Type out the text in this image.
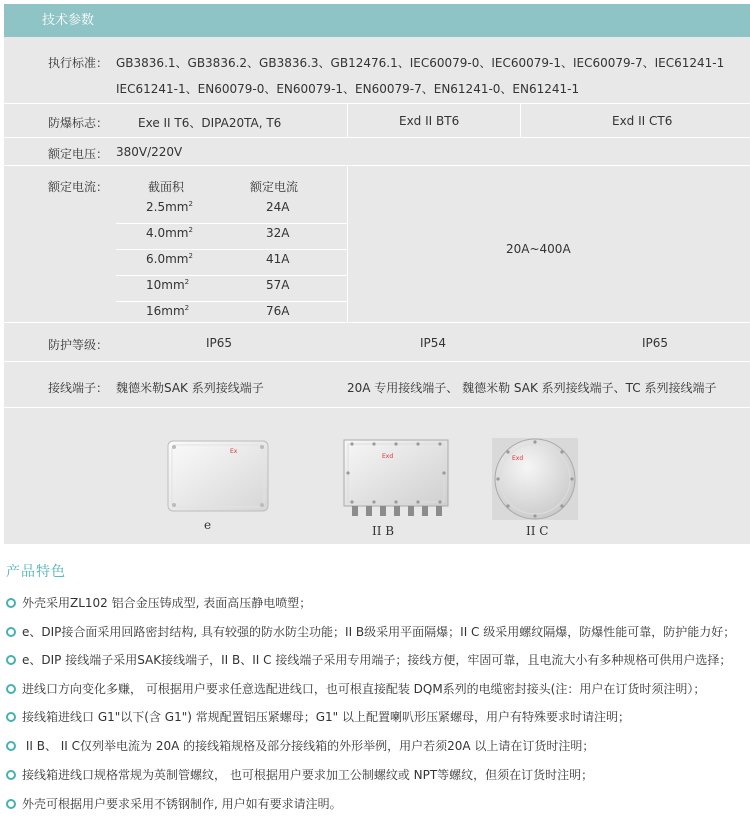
技术参数
执行标准： GB3836.1、GB3836.2、GB3836.3、GB12476.1、IEC60079-0、IEC60079-1、IEC60079-7、IEC61241-1
IEC61241-1、EN60079-0、EN60079-1、EN60079-7、EN61241-0、EN61241-1
防爆标志： Exe II T6、DIPA20TA, T6	Exd II BT6	Exd II CT6
额定电压： 380V/220V
额定电流：	截面积	额定电流
20A~400A
$2.5mm^2$	24A
$4.0mm^2$	32A
$6.0mm^2$	41A
$10mm^2$	57A
$16mm^2$	76A
防护等级：	IP65	IP54	IP65
接线端子： 魏德米勒SAK 系列接线端子	20A 专用接线端子、 魏德米勒 SAK 系列接线端子、TC 系列接线端子
Ex
e
Exd
II B
Exd
II C
产品特色
外壳采用ZL102 铝合金压铸成型, 表面高压静电喷塑；
e、DIP接合面采用回路密封结构, 具有较强的防水防尘功能；II B级采用平面隔爆；II C 级采用螺纹隔爆，防爆性能可靠，防护能力好；
e、DIP 接线端子采用SAK接线端子，II B、II C 接线端子采用专用端子；接线方便，牢固可靠，且电流大小有多种规格可供用户选择；
进线口方向变化多赚， 可根据用户要求任意选配进线口，也可根直接配装 DQM系列的电缆密封接头(注：用户在订货时须注明）；
接线箱进线口 G1"以下(含 G1") 常规配置铝压紧螺母；G1" 以上配置喇叭形压紧螺母，用户有特殊要求时请注明；
II B、 II C仅列举电流为 20A 的接线箱规格及部分接线箱的外形举例，用户若须20A 以上请在订货时注明；
接线箱进线口规格常规为英制管螺纹， 也可根据用户要求加工公制螺纹或 NPT等螺纹，但须在订货时注明；
外壳可根据用户要求采用不锈钢制作, 用户如有要求请注明。
